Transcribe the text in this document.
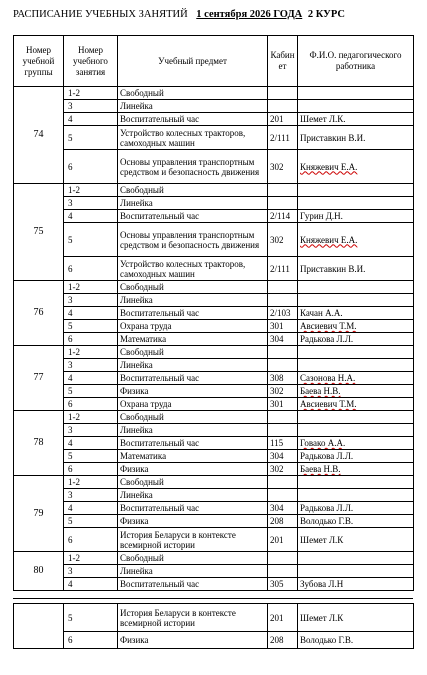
РАСПИСАНИЕ УЧЕБНЫХ ЗАНЯТИЙ 1 сентября 2026 ГОДА 2 КУРС
Номер учебной группы	Номер учебного занятия	Учебный предмет	Кабинет	Ф.И.О. педагогического работника
74	1-2	Свободный		
	3	Линейка		
	4	Воспитательный час	201	Шемет Л.К.
	5	Устройство колесных тракторов, самоходных машин	2/111	Приставкин В.И.
	6	Основы управления транспортным средством и безопасность движения	302	Княжевич Е.А.
75	1-2	Свободный		
	3	Линейка		
	4	Воспитательный час	2/114	Гурин Д.Н.
	5	Основы управления транспортным средством и безопасность движения	302	Княжевич Е.А.
	6	Устройство колесных тракторов, самоходных машин	2/111	Приставкин В.И.
76	1-2	Свободный		
	3	Линейка		
	4	Воспитательный час	2/103	Качан А.А.
	5	Охрана труда	301	Авсиевич Т.М.
	6	Математика	304	Радькова Л.Л.
77	1-2	Свободный		
	3	Линейка		
	4	Воспитательный час	308	Сазонова Н.А.
	5	Физика	302	Баева Н.В.
	6	Охрана труда	301	Авсиевич Т.М.
78	1-2	Свободный		
	3	Линейка		
	4	Воспитательный час	115	Говако А.А.
	5	Математика	304	Радькова Л.Л.
	6	Физика	302	Баева Н.В.
79	1-2	Свободный		
	3	Линейка		
	4	Воспитательный час	304	Радькова Л.Л.
	5	Физика	208	Володько Г.В.
	6	История Беларуси в контексте всемирной истории	201	Шемет Л.К
80	1-2	Свободный		
	3	Линейка		
	4	Воспитательный час	305	Зубова Л.Н
	5	История Беларуси в контексте всемирной истории	201	Шемет Л.К
	6	Физика	208	Володько Г.В.
